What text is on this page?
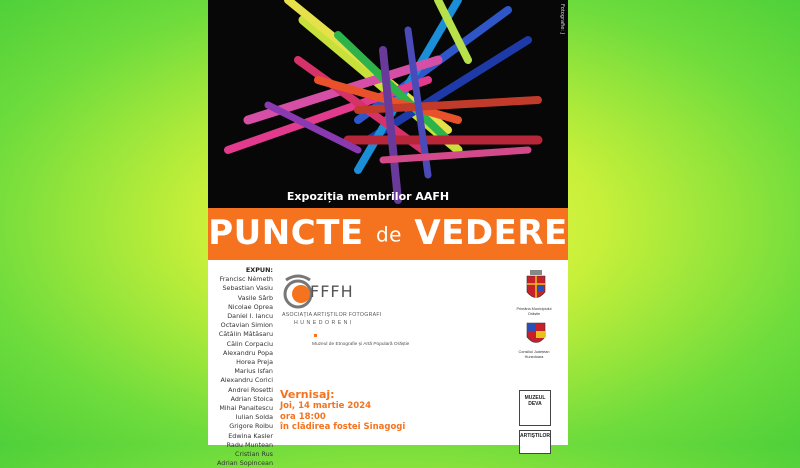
Fotografie: J
Expoziția membrilor AAFH
PUNCTE de VEDERE
EXPUN:
Francisc Németh
Sebastian Vasiu
Vasile Sârb
Nicolae Oprea
Daniel I. Iancu
Octavian Simion
Cătălin Mătăsaru
Călin Corpaciu
Alexandru Popa
Horea Preja
Marius Isfan
Alexandru Corici
Andrei Rosetti
Adrian Stoica
Mihai Panaitescu
Iulian Solda
Grigore Roibu
Edwina Kasler
Radu Muntean
Cristian Rus
Adrian Sopincean
FFFH
ASOCIAȚIA ARTIȘTILOR FOTOGRAFI
HUNEDORENI
Muzeul de Etnografie și Artă Populară Orăștie
Vernisaj:
Joi, 14 martie 2024
ora 18:00
în clădirea fostei Sinagogi
Primăria Municipiului Orăștie
Consiliul Județean Hunedoara
MUZEUL DEVA
ARTIȘTILOR
